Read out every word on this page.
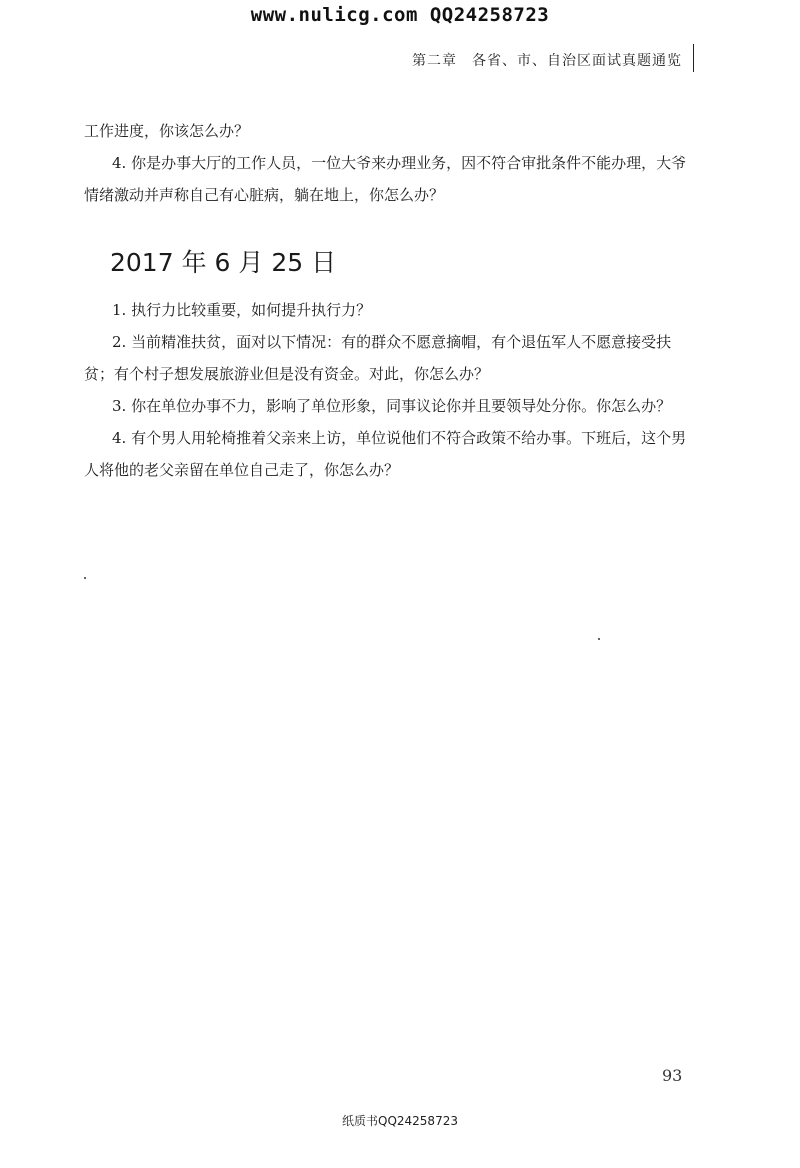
www.nulicg.com QQ24258723
第二章　各省、市、自治区面试真题通览

工作进度，你该怎么办？

4. 你是办事大厅的工作人员，一位大爷来办理业务，因不符合审批条件不能办理，大爷情绪激动并声称自己有心脏病，躺在地上，你怎么办？

2017 年 6 月 25 日

1. 执行力比较重要，如何提升执行力？

2. 当前精准扶贫，面对以下情况：有的群众不愿意摘帽，有个退伍军人不愿意接受扶贫；有个村子想发展旅游业但是没有资金。对此，你怎么办？

3. 你在单位办事不力，影响了单位形象，同事议论你并且要领导处分你。你怎么办？

4. 有个男人用轮椅推着父亲来上访，单位说他们不符合政策不给办事。下班后，这个男人将他的老父亲留在单位自己走了，你怎么办？

93
纸质书QQ24258723
